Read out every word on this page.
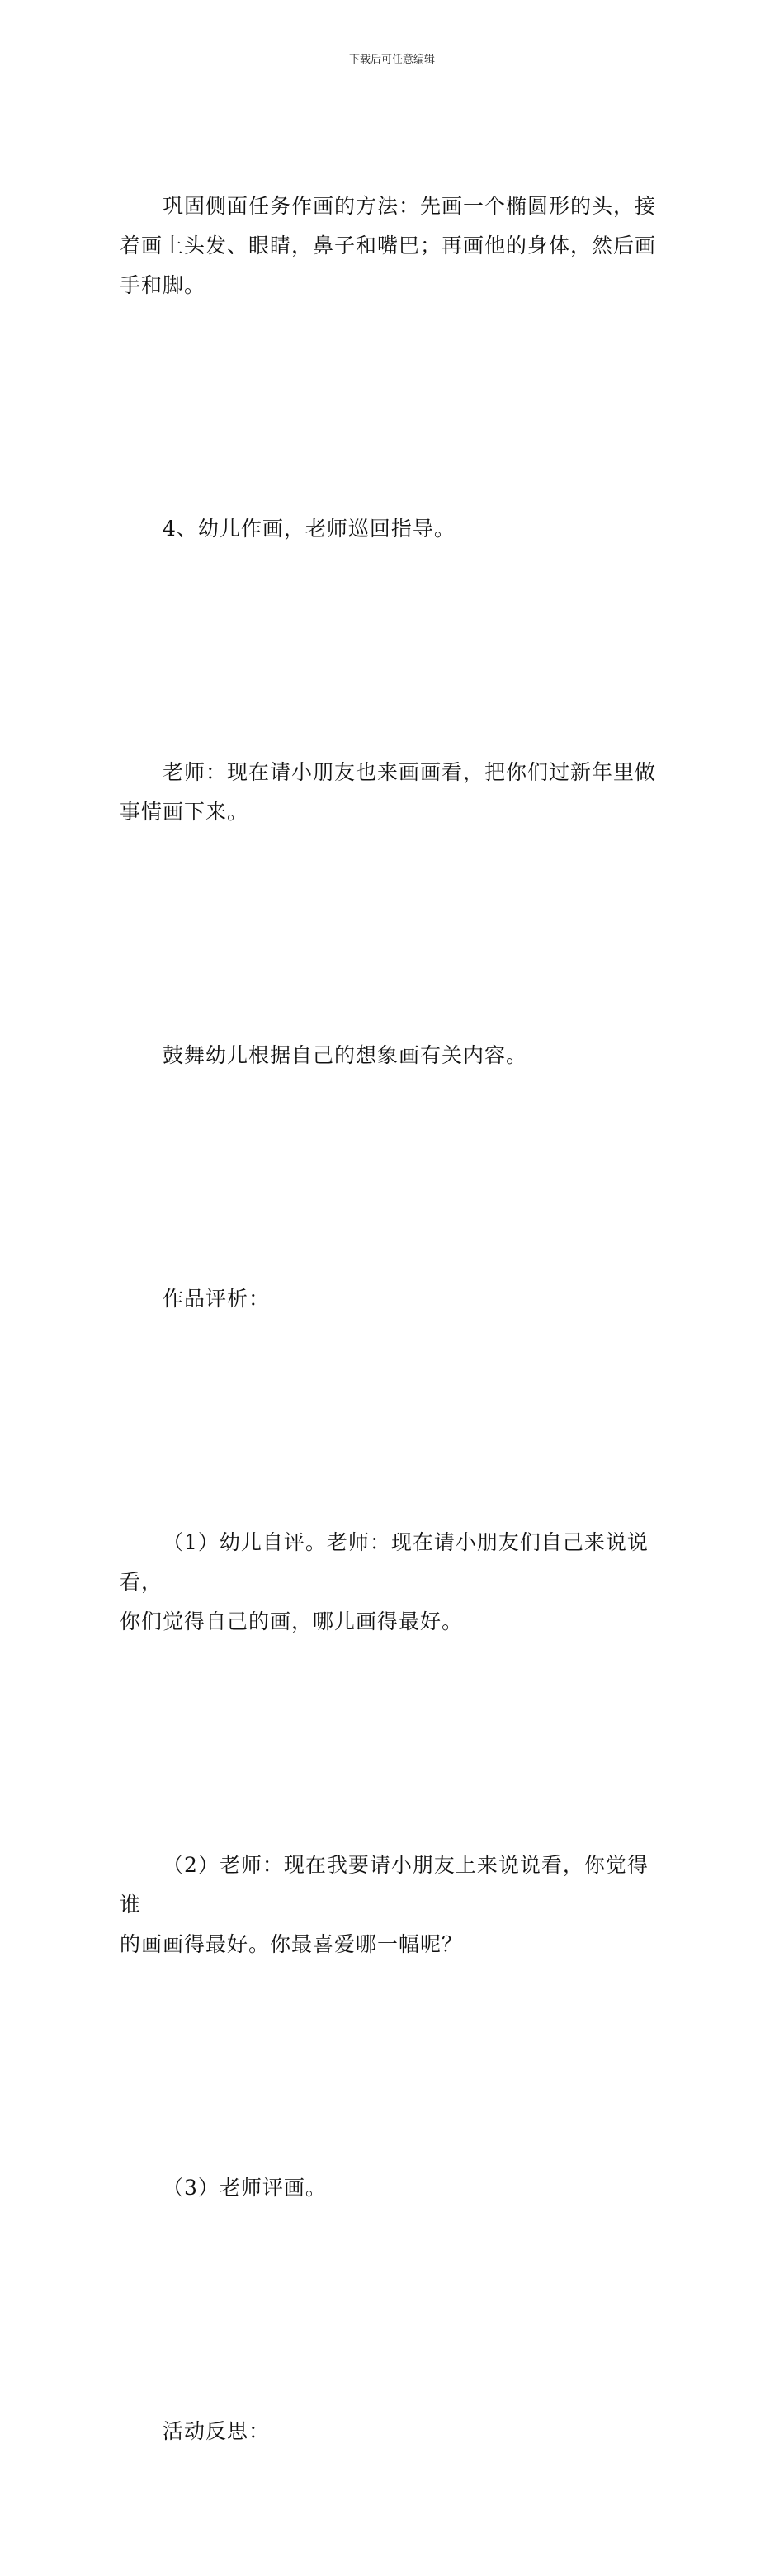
下载后可任意编辑

巩固侧面任务作画的方法：先画一个椭圆形的头，接
着画上头发、眼睛，鼻子和嘴巴；再画他的身体，然后画
手和脚。

4、幼儿作画，老师巡回指导。

老师：现在请小朋友也来画画看，把你们过新年里做
事情画下来。

鼓舞幼儿根据自己的想象画有关内容。

作品评析：

（1）幼儿自评。老师：现在请小朋友们自己来说说看，
你们觉得自己的画，哪儿画得最好。

（2）老师：现在我要请小朋友上来说说看，你觉得谁
的画画得最好。你最喜爱哪一幅呢？

（3）老师评画。

活动反思：
